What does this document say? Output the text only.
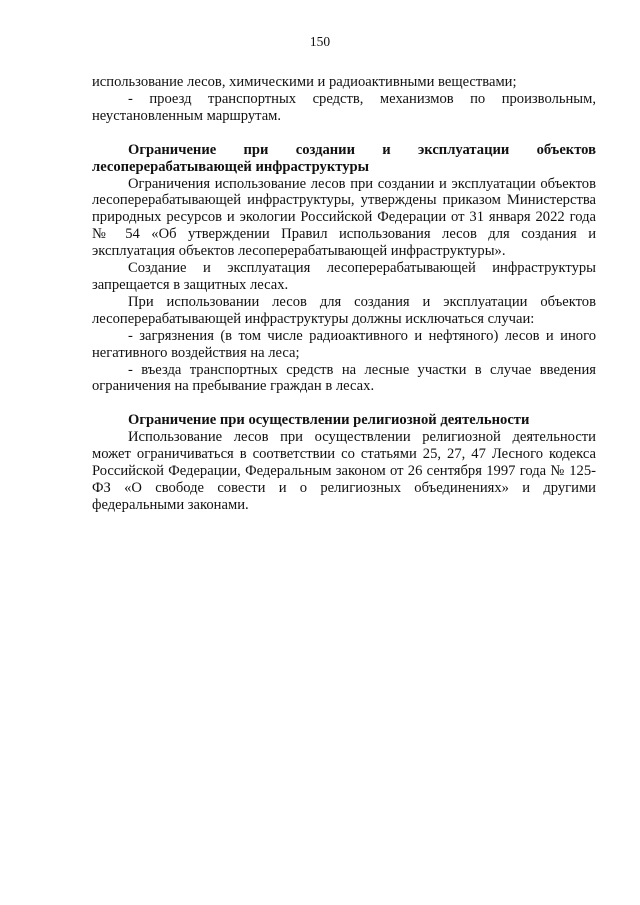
150

использование лесов, химическими и радиоактивными веществами;

- проезд транспортных средств, механизмов по произвольным, неустановленным маршрутам.

Ограничение при создании и эксплуатации объектов лесоперерабатывающей инфраструктуры

Ограничения использование лесов при создании и эксплуатации объектов лесоперерабатывающей инфраструктуры, утверждены приказом Министерства природных ресурсов и экологии Российской Федерации от 31 января 2022 года № 54 «Об утверждении Правил использования лесов для создания и эксплуатация объектов лесоперерабатывающей инфраструктуры».

Создание и эксплуатация лесоперерабатывающей инфраструктуры запрещается в защитных лесах.

При использовании лесов для создания и эксплуатации объектов лесоперерабатывающей инфраструктуры должны исключаться случаи:

- загрязнения (в том числе радиоактивного и нефтяного) лесов и иного негативного воздействия на леса;

- въезда транспортных средств на лесные участки в случае введения ограничения на пребывание граждан в лесах.

Ограничение при осуществлении религиозной деятельности

Использование лесов при осуществлении религиозной деятельности может ограничиваться в соответствии со статьями 25, 27, 47 Лесного кодекса Российской Федерации, Федеральным законом от 26 сентября 1997 года № 125-ФЗ «О свободе совести и о религиозных объединениях» и другими федеральными законами.
